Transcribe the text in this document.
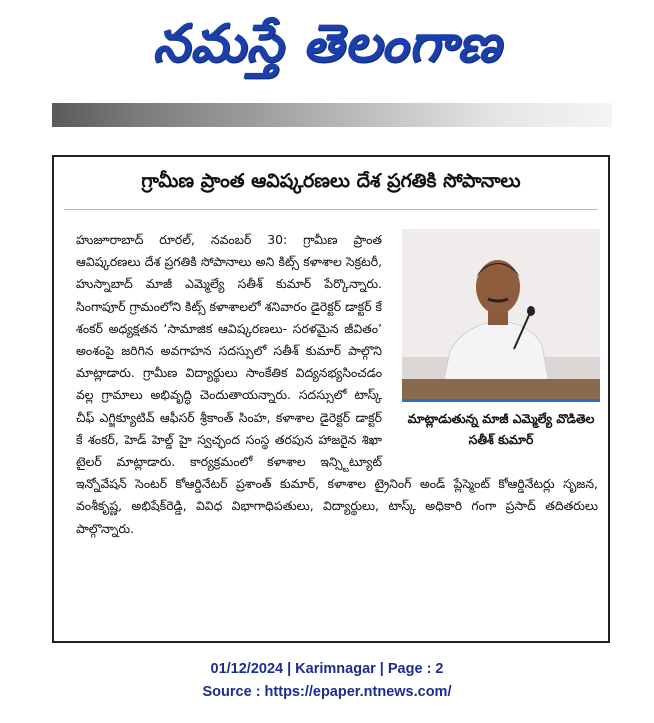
నమస్తే తెలంగాణ
గ్రామీణ ప్రాంత ఆవిష్కరణలు దేశ ప్రగతికి సోపానాలు
మాట్లాడుతున్న మాజీ ఎమ్మెల్యే వొడితెల సతీశ్ కుమార్
హుజూరాబాద్ రూరల్, నవంబర్ 30: గ్రామీణ ప్రాంత ఆవిష్కరణలు దేశ ప్రగతికి సోపానాలు అని కిట్స్ కళాశాల సెక్రటరీ, హుస్నాబాద్ మాజీ ఎమ్మెల్యే సతీశ్ కుమార్ పేర్కొన్నారు. సింగాపూర్ గ్రామంలోని కిట్స్ కళాశాలలో శనివారం డైరెక్టర్ డాక్టర్ కే శంకర్ అధ్యక్షతన ‘సామాజిక ఆవిష్కరణలు- సరళమైన జీవితం’ అంశంపై జరిగిన అవగాహన సదస్సులో సతీశ్ కుమార్ పాల్గొని మాట్లాడారు. గ్రామీణ విద్యార్థులు సాంకేతిక విద్యనభ్యసించడం వల్ల గ్రామాలు అభివృద్ధి చెందుతాయన్నారు. సదస్సులో టాస్క్ చీఫ్ ఎగ్జిక్యూటివ్ ఆఫీసర్ శ్రీకాంత్ సింహ, కళాశాల డైరెక్టర్ డాక్టర్ కే శంకర్, హెడ్ హెల్డ్ హై స్వచ్ఛంద సంస్థ తరపున హాజరైన శిఖా టైలర్ మాట్లాడారు. కార్యక్రమంలో కళాశాల ఇన్స్టిట్యూట్ ఇన్నోవేషన్ సెంటర్ కోఆర్డినేటర్ ప్రశాంత్ కుమార్, కళాశాల ట్రైనింగ్ అండ్ ప్లేస్మెంట్ కోఆర్డినేటర్లు సృజన, వంశీకృష్ణ, అభిషేక్‌రెడ్డి, వివిధ విభాగాధిపతులు, విద్యార్థులు, టాస్క్ అధికారి గంగా ప్రసాద్ తదితరులు పాల్గొన్నారు.
01/12/2024 | Karimnagar | Page : 2
Source : https://epaper.ntnews.com/
